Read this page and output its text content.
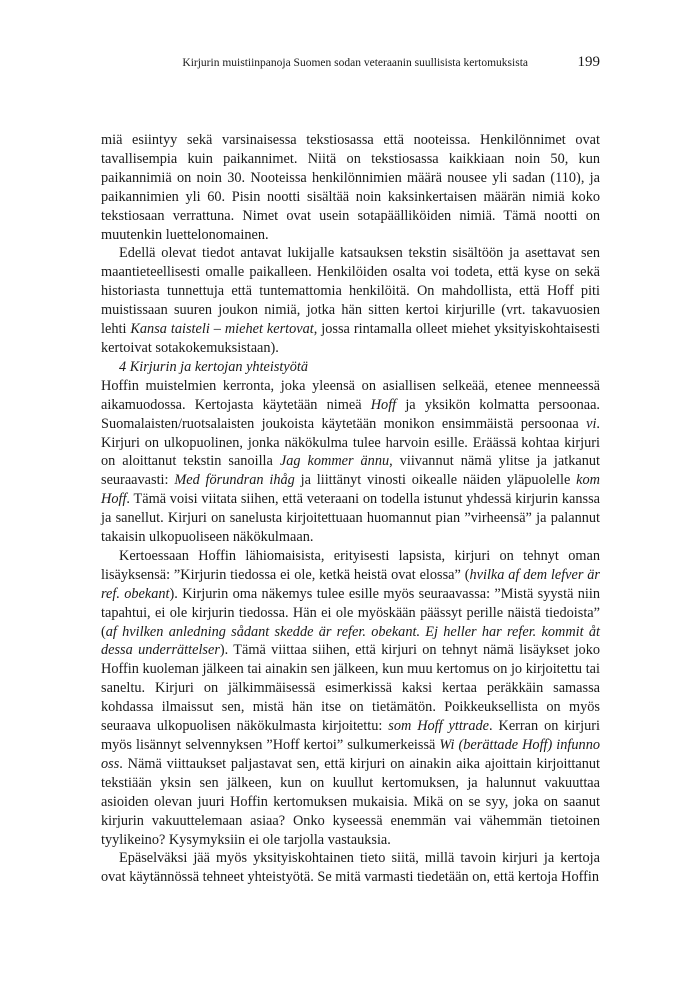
Kirjurin muistiinpanoja Suomen sodan veteraanin suullisista kertomuksista	199

miä esiintyy sekä varsinaisessa tekstiosassa että nooteissa. Henkilönnimet ovat tavallisempia kuin paikannimet. Niitä on tekstiosassa kaikkiaan noin 50, kun paikannimiä on noin 30. Nooteissa henkilönnimien määrä nousee yli sadan (110), ja paikannimien yli 60. Pisin nootti sisältää noin kaksinkertaisen määrän nimiä koko tekstiosaan verrattuna. Nimet ovat usein sotapäälliköiden nimiä. Tämä nootti on muutenkin luettelonomainen.

Edellä olevat tiedot antavat lukijalle katsauksen tekstin sisältöön ja asettavat sen maantieteellisesti omalle paikalleen. Henkilöiden osalta voi todeta, että kyse on sekä historiasta tunnettuja että tuntemattomia henkilöitä. On mahdollista, että Hoff piti muistissaan suuren joukon nimiä, jotka hän sitten kertoi kirjurille (vrt. takavuosien lehti Kansa taisteli – miehet kertovat, jossa rintamalla olleet miehet yksityiskohtaisesti kertoivat sotakokemuksistaan).

4 Kirjurin ja kertojan yhteistyötä

Hoffin muistelmien kerronta, joka yleensä on asiallisen selkeää, etenee menneessä aikamuodossa. Kertojasta käytetään nimeä Hoff ja yksikön kolmatta persoonaa. Suomalaisten/ruotsalaisten joukoista käytetään monikon ensimmäistä persoonaa vi. Kirjuri on ulkopuolinen, jonka näkökulma tulee harvoin esille. Eräässä kohtaa kirjuri on aloittanut tekstin sanoilla Jag kommer ännu, viivannut nämä ylitse ja jatkanut seuraavasti: Med förundran ihåg ja liittänyt vinosti oikealle näiden yläpuolelle kom Hoff. Tämä voisi viitata siihen, että veteraani on todella istunut yhdessä kirjurin kanssa ja sanellut. Kirjuri on sanelusta kirjoitettuaan huomannut pian ”virheensä” ja palannut takaisin ulkopuoliseen näkökulmaan.

Kertoessaan Hoffin lähiomaisista, erityisesti lapsista, kirjuri on tehnyt oman lisäyksensä: ”Kirjurin tiedossa ei ole, ketkä heistä ovat elossa” (hvilka af dem lefver är ref. obekant). Kirjurin oma näkemys tulee esille myös seuraavassa: ”Mistä syystä niin tapahtui, ei ole kirjurin tiedossa. Hän ei ole myöskään päässyt perille näistä tiedoista” (af hvilken anledning sådant skedde är refer. obekant. Ej heller har refer. kommit åt dessa underrättelser). Tämä viittaa siihen, että kirjuri on tehnyt nämä lisäykset joko Hoffin kuoleman jälkeen tai ainakin sen jälkeen, kun muu kertomus on jo kirjoitettu tai saneltu. Kirjuri on jälkimmäisessä esimerkissä kaksi kertaa peräkkäin samassa kohdassa ilmaissut sen, mistä hän itse on tietämätön. Poikkeuksellista on myös seuraava ulkopuolisen näkökulmasta kirjoitettu: som Hoff yttrade. Kerran on kirjuri myös lisännyt selvennyksen ”Hoff kertoi” sulkumerkeissä Wi (berättade Hoff) infunno oss. Nämä viittaukset paljastavat sen, että kirjuri on ainakin aika ajoittain kirjoittanut tekstiään yksin sen jälkeen, kun on kuullut kertomuksen, ja halunnut vakuuttaa asioiden olevan juuri Hoffin kertomuksen mukaisia. Mikä on se syy, joka on saanut kirjurin vakuuttelemaan asiaa? Onko kyseessä enemmän vai vähemmän tietoinen tyylikeino? Kysymyksiin ei ole tarjolla vastauksia.

Epäselväksi jää myös yksityiskohtainen tieto siitä, millä tavoin kirjuri ja kertoja ovat käytännössä tehneet yhteistyötä. Se mitä varmasti tiedetään on, että kertoja Hoffin
